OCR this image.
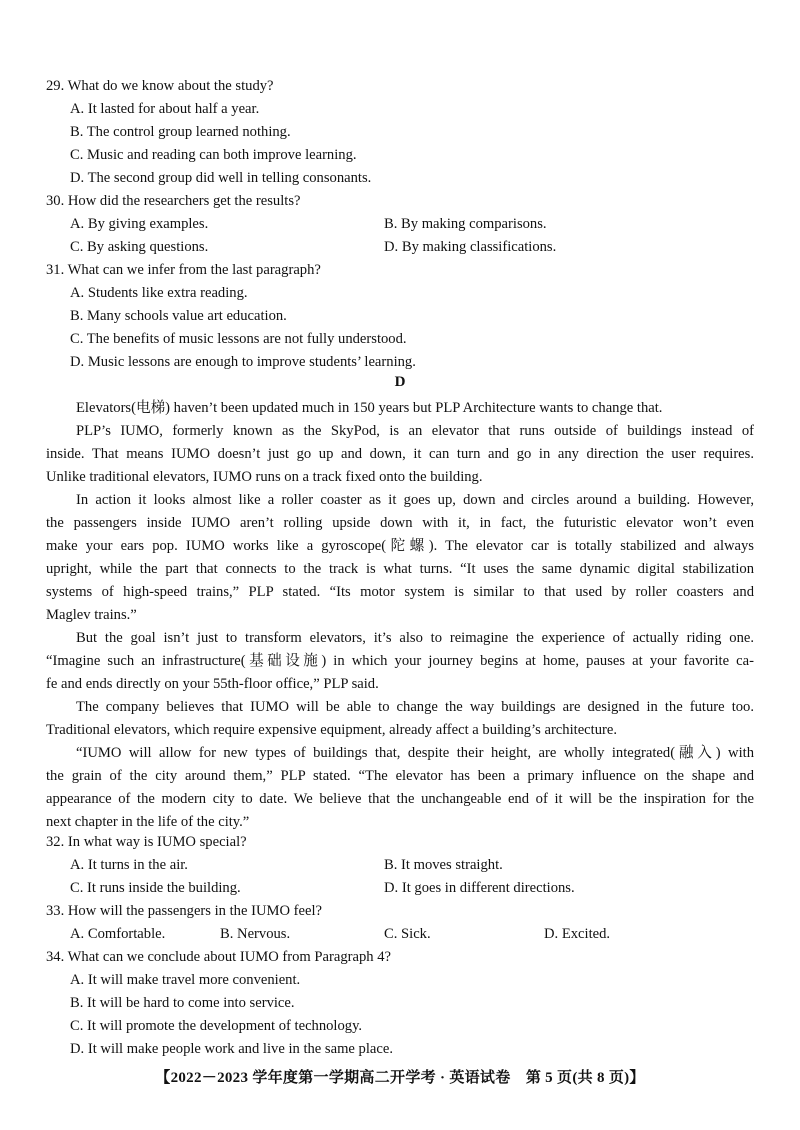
29. What do we know about the study?
A. It lasted for about half a year.
B. The control group learned nothing.
C. Music and reading can both improve learning.
D. The second group did well in telling consonants.
30. How did the researchers get the results?
A. By giving examples.	B. By making comparisons.
C. By asking questions.	D. By making classifications.
31. What can we infer from the last paragraph?
A. Students like extra reading.
B. Many schools value art education.
C. The benefits of music lessons are not fully understood.
D. Music lessons are enough to improve students’ learning.
D
Elevators(电梯) haven’t been updated much in 150 years but PLP Architecture wants to change that.
PLP’s IUMO, formerly known as the SkyPod, is an elevator that runs outside of buildings instead of
inside. That means IUMO doesn’t just go up and down, it can turn and go in any direction the user requires.
Unlike traditional elevators, IUMO runs on a track fixed onto the building.
In action it looks almost like a roller coaster as it goes up, down and circles around a building. However,
the passengers inside IUMO aren’t rolling upside down with it, in fact, the futuristic elevator won’t even
make your ears pop. IUMO works like a gyroscope(陀螺). The elevator car is totally stabilized and always
upright, while the part that connects to the track is what turns. “It uses the same dynamic digital stabilization
systems of high-speed trains,” PLP stated. “Its motor system is similar to that used by roller coasters and
Maglev trains.”
But the goal isn’t just to transform elevators, it’s also to reimagine the experience of actually riding one.
“Imagine such an infrastructure(基础设施) in which your journey begins at home, pauses at your favorite ca-
fe and ends directly on your 55th-floor office,” PLP said.
The company believes that IUMO will be able to change the way buildings are designed in the future too.
Traditional elevators, which require expensive equipment, already affect a building’s architecture.
“IUMO will allow for new types of buildings that, despite their height, are wholly integrated(融入) with
the grain of the city around them,” PLP stated. “The elevator has been a primary influence on the shape and
appearance of the modern city to date. We believe that the unchangeable end of it will be the inspiration for the
next chapter in the life of the city.”
32. In what way is IUMO special?
A. It turns in the air.	B. It moves straight.
C. It runs inside the building.	D. It goes in different directions.
33. How will the passengers in the IUMO feel?
A. Comfortable.	B. Nervous.	C. Sick.	D. Excited.
34. What can we conclude about IUMO from Paragraph 4?
A. It will make travel more convenient.
B. It will be hard to come into service.
C. It will promote the development of technology.
D. It will make people work and live in the same place.
【2022－2023 学年度第一学期高二开学考 · 英语试卷　第 5 页(共 8 页)】
